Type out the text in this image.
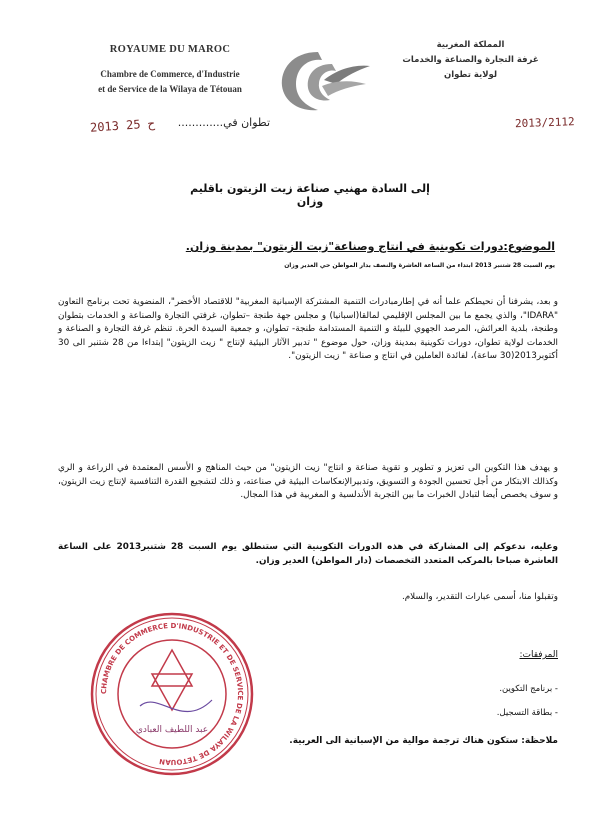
ROYAUME DU MAROC
Chambre de Commerce, d'Industrie
et de Service de la Wilaya de Tétouan
المملكة المغربية
غرفة التجارة والصناعة والخدمات
لولاية تطوان
تطوان في.............
2013 ح 25	2013/2112
إلى السادة مهنيي صناعة زيت الزيتون باقليم وزان
الموضوع:دورات تكوينية في انتاج وصناعة"زيت الزيتون" بمدينة وزان.
يوم السبت 28 شتنبر 2013 ابتداء من الساعة العاشرة والنصف بدار المواطن حي العدير وزان
و بعد، يشرفنا أن نحيطكم علما أنه في إطارمبادرات التنمية المشتركة الإسبانية المغربية" للاقتصاد الأخضر"، المنضوية تحت برنامج التعاون "IDARA"، والذي يجمع ما بين المجلس الإقليمي لمالقا(اسبانيا) و مجلس جهة طنجة –تطوان، غرفتي التجارة والصناعة و الخدمات بتطوان وطنجة، بلدية العرائش، المرصد الجهوي للبيئة و التنمية المستدامة طنجة- تطوان، و جمعية السيدة الحرة. تنظم غرفة التجارة و الصناعة و الخدمات لولاية تطوان، دورات تكوينية بمدينة وزان، حول موضوع " تدبير الآثار البيئية لإنتاج " زيت الزيتون" إبتداءا من 28 شتنبر الى 30 أكتوبر2013(30 ساعة)، لفائدة العاملين في انتاج و صناعة " زيت الزيتون".
و يهدف هذا التكوين الى تعزيز و تطوير و تقوية صناعة و انتاج" زيت الزيتون" من حيث المناهج و الأسس المعتمدة في الزراعة و الري وكذالك الابتكار من أجل تحسين الجودة و التسويق، وتدبيرالإنعكاسات البيئية في صناعته، و ذلك لتشجيع القدرة التنافسية لإنتاج زيت الزيتون، و سوف يخصص أيضا لتبادل الخبرات ما بين التجربة الأندلسية و المغربية في هذا المجال.
وعليه، ندعوكم إلى المشاركة في هذه الدورات التكوينية التي ستنطلق يوم السبت 28 شتنبر2013 على الساعة العاشرة صباحا بالمركب المتعدد التخصصات (دار المواطن) العدير وزان.
وتقبلوا منا، أسمى عبارات التقدير، والسلام.
المرفقات:
- برنامج التكوين.
- بطاقة التسجيل.
ملاحظة: ستكون هناك ترجمة موالية من الإسبانية الى العربية.
CHAMBRE DE COMMERCE D'INDUSTRIE ET DE SERVICE DE LA WILAYA DE TETOUAN
عبد اللطيف العبادي
